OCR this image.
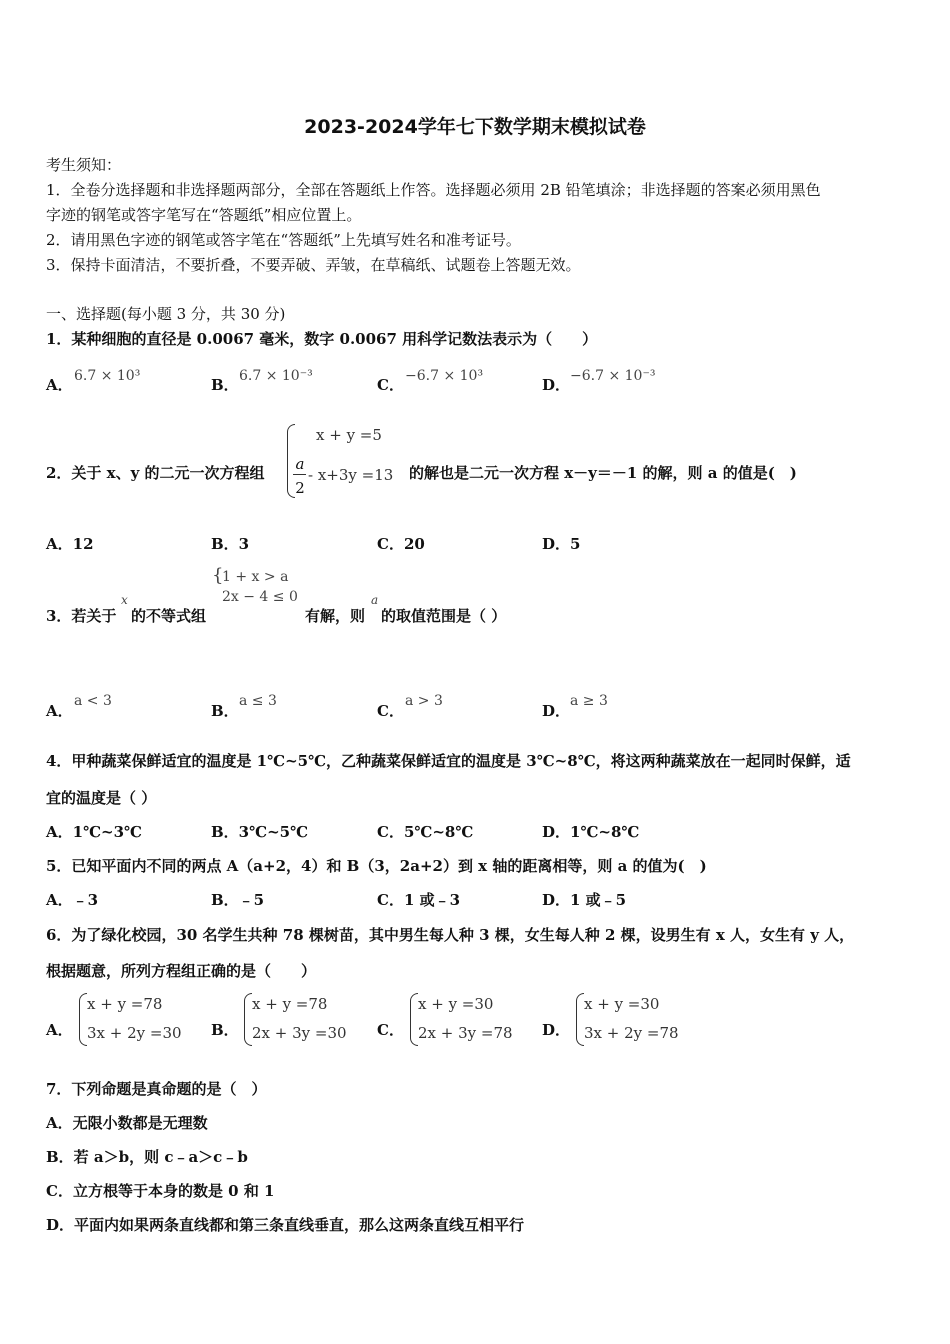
2023-2024学年七下数学期末模拟试卷
考生须知：
1．全卷分选择题和非选择题两部分，全部在答题纸上作答。选择题必须用 2B 铅笔填涂；非选择题的答案必须用黑色
字迹的钢笔或答字笔写在“答题纸”相应位置上。
2．请用黑色字迹的钢笔或答字笔在“答题纸”上先填写姓名和准考证号。
3．保持卡面清洁，不要折叠，不要弄破、弄皱，在草稿纸、试题卷上答题无效。
一、选择题(每小题 3 分，共 30 分)
1．某种细胞的直径是 0.0067 毫米，数字 0.0067 用科学记数法表示为（　　）
A． 6.7 × 10³	B． 6.7 × 10⁻³	C． −6.7 × 10³	D． −6.7 × 10⁻³
2．关于 x、y 的二元一次方程组
x + y =5
a
2
- x+3y =13 的解也是二元一次方程 x－y＝－1 的解，则 a 的值是(　)
A．12	B．3	C．20	D．5
3．若关于
x
的不等式组
{
1 + x > a
2x − 4 ≤ 0
有解，则
a
的取值范围是（ ）
A．
a < 3
B．
a ≤ 3
C．
a > 3
D．
a ≥ 3
4．甲种蔬菜保鲜适宜的温度是 1℃~5℃，乙种蔬菜保鲜适宜的温度是 3℃~8℃，将这两种蔬菜放在一起同时保鲜，适
宜的温度是（ ）
A．1℃~3℃	B．3℃~5℃	C．5℃~8℃	D．1℃~8℃
5．已知平面内不同的两点 A（a+2，4）和 B（3，2a+2）到 x 轴的距离相等，则 a 的值为(　)
A．﹣3	B．﹣5	C．1 或﹣3	D．1 或﹣5
6．为了绿化校园，30 名学生共种 78 棵树苗，其中男生每人种 3 棵，女生每人种 2 棵，设男生有 x 人，女生有 y 人，
根据题意，所列方程组正确的是（　　）
A．
x + y =78
3x + 2y =30 B．
x + y =78
2x + 3y =30 C．
x + y =30
2x + 3y =78 D．
x + y =30
3x + 2y =78
7．下列命题是真命题的是（　）
A．无限小数都是无理数
B．若 a＞b，则 c﹣a＞c﹣b
C．立方根等于本身的数是 0 和 1
D．平面内如果两条直线都和第三条直线垂直，那么这两条直线互相平行
